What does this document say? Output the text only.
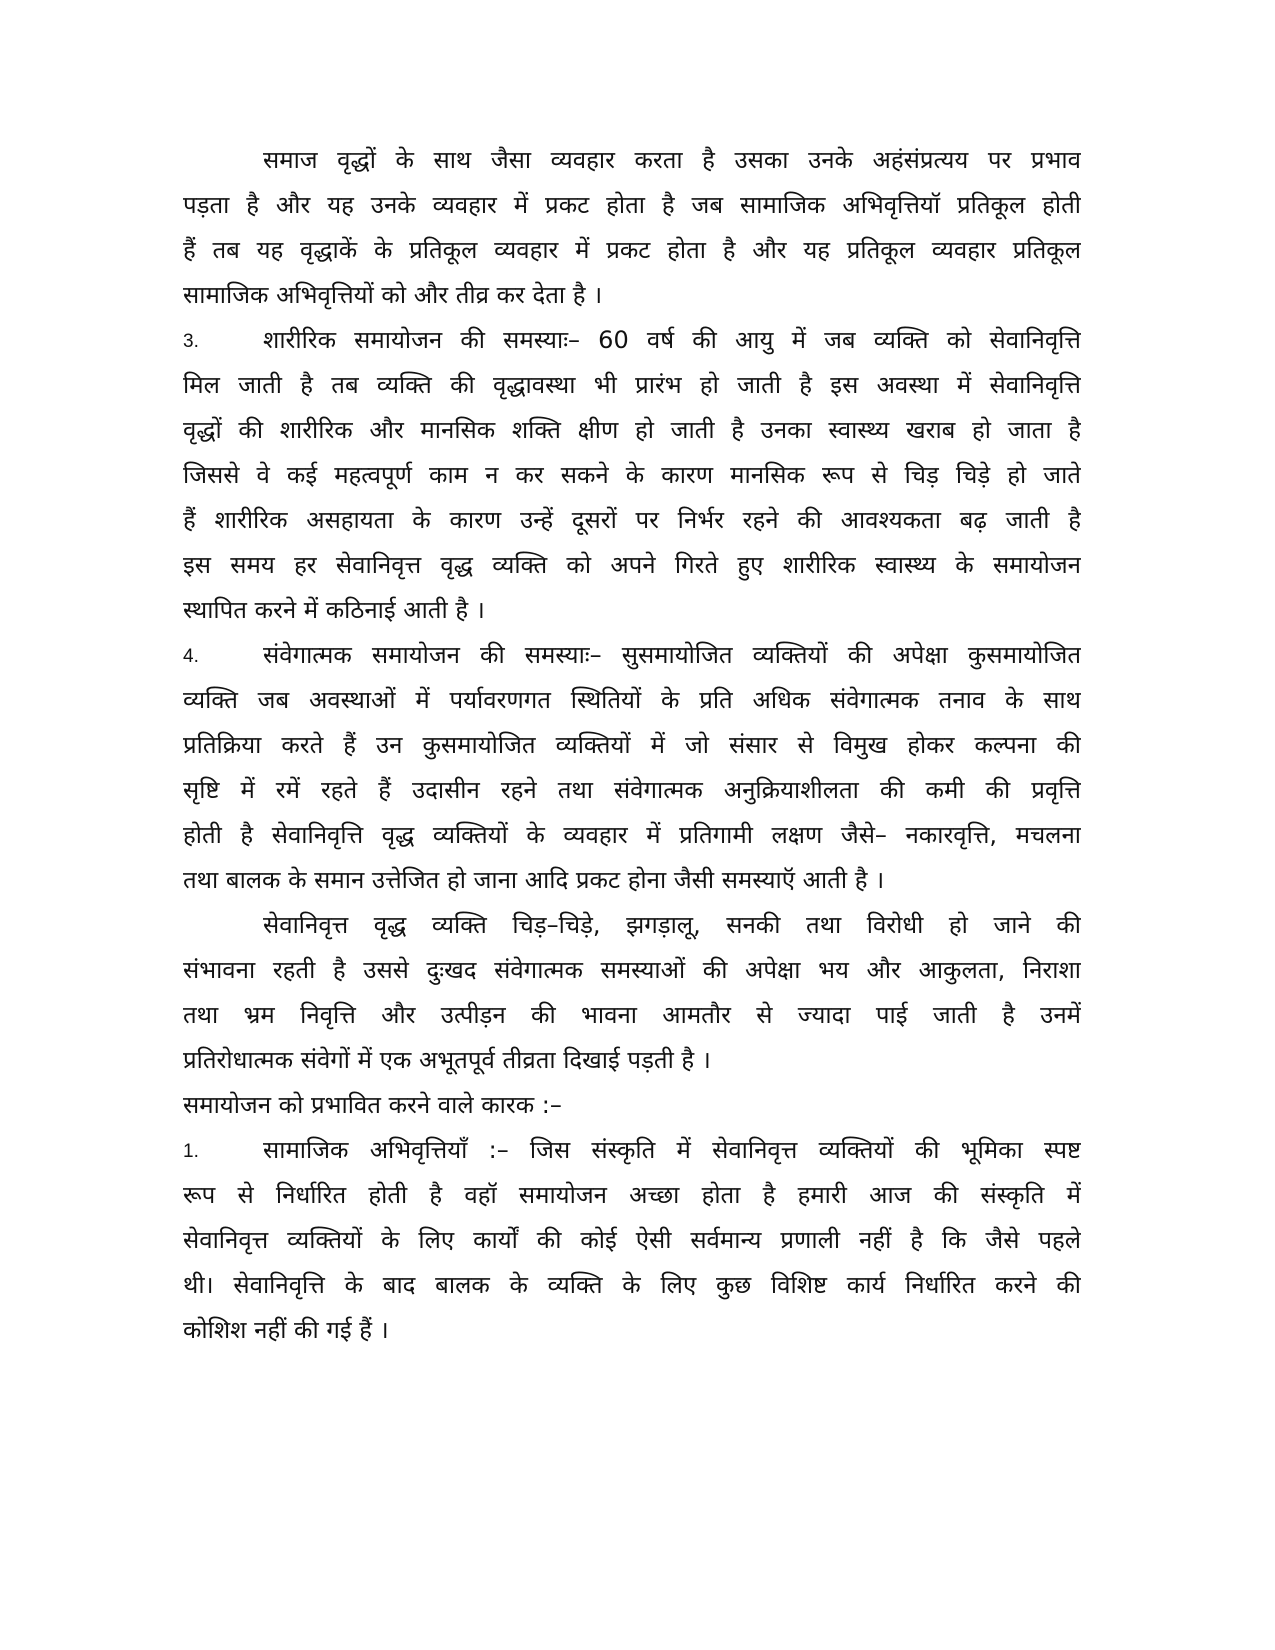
समाज वृद्धों के साथ जैसा व्यवहार करता है उसका उनके अहंसंप्रत्यय पर प्रभाव
पड़ता है और यह उनके व्यवहार में प्रकट होता है जब सामाजिक अभिवृत्तियॉ प्रतिकूल होती
हैं तब यह वृद्धाकें के प्रतिकूल व्यवहार में प्रकट होता है और यह प्रतिकूल व्यवहार प्रतिकूल
सामाजिक अभिवृत्तियों को और तीव्र कर देता है ।
3.	शारीरिक समायोजन की समस्याः– 60 वर्ष की आयु में जब व्यक्ति को सेवानिवृत्ति
मिल जाती है तब व्यक्ति की वृद्धावस्था भी प्रारंभ हो जाती है इस अवस्था में सेवानिवृत्ति
वृद्धों की शारीरिक और मानसिक शक्ति क्षीण हो जाती है उनका स्वास्थ्य खराब हो जाता है
जिससे वे कई महत्वपूर्ण काम न कर सकने के कारण मानसिक रूप से चिड़ चिड़े हो जाते
हैं शारीरिक असहायता के कारण उन्हें दूसरों पर निर्भर रहने की आवश्यकता बढ़ जाती है
इस समय हर सेवानिवृत्त वृद्ध व्यक्ति को अपने गिरते हुए शारीरिक स्वास्थ्य के समायोजन
स्थापित करने में कठिनाई आती है ।
4.	संवेगात्मक समायोजन की समस्याः– सुसमायोजित व्यक्तियों की अपेक्षा कुसमायोजित
व्यक्ति जब अवस्थाओं में पर्यावरणगत स्थितियों के प्रति अधिक संवेगात्मक तनाव के साथ
प्रतिक्रिया करते हैं उन कुसमायोजित व्यक्तियों में जो संसार से विमुख होकर कल्पना की
सृष्टि में रमें रहते हैं उदासीन रहने तथा संवेगात्मक अनुक्रियाशीलता की कमी की प्रवृत्ति
होती है सेवानिवृत्ति वृद्ध व्यक्तियों के व्यवहार में प्रतिगामी लक्षण जैसे– नकारवृत्ति, मचलना
तथा बालक के समान उत्तेजित हो जाना आदि प्रकट होना जैसी समस्याऍ आती है ।
सेवानिवृत्त वृद्ध व्यक्ति चिड़–चिड़े, झगड़ालू, सनकी तथा विरोधी हो जाने की
संभावना रहती है उससे दुःखद संवेगात्मक समस्याओं की अपेक्षा भय और आकुलता, निराशा
तथा भ्रम निवृत्ति और उत्पीड़न की भावना आमतौर से ज्यादा पाई जाती है उनमें
प्रतिरोधात्मक संवेगों में एक अभूतपूर्व तीव्रता दिखाई पड़ती है ।
समायोजन को प्रभावित करने वाले कारक :–
1.	सामाजिक अभिवृत्तियॉं :– जिस संस्कृति में सेवानिवृत्त व्यक्तियों की भूमिका स्पष्ट
रूप से निर्धारित होती है वहॉ समायोजन अच्छा होता है हमारी आज की संस्कृति में
सेवानिवृत्त व्यक्तियों के लिए कार्यों की कोई ऐसी सर्वमान्य प्रणाली नहीं है कि जैसे पहले
थी। सेवानिवृत्ति के बाद बालक के व्यक्ति के लिए कुछ विशिष्ट कार्य निर्धारित करने की
कोशिश नहीं की गई हैं ।
